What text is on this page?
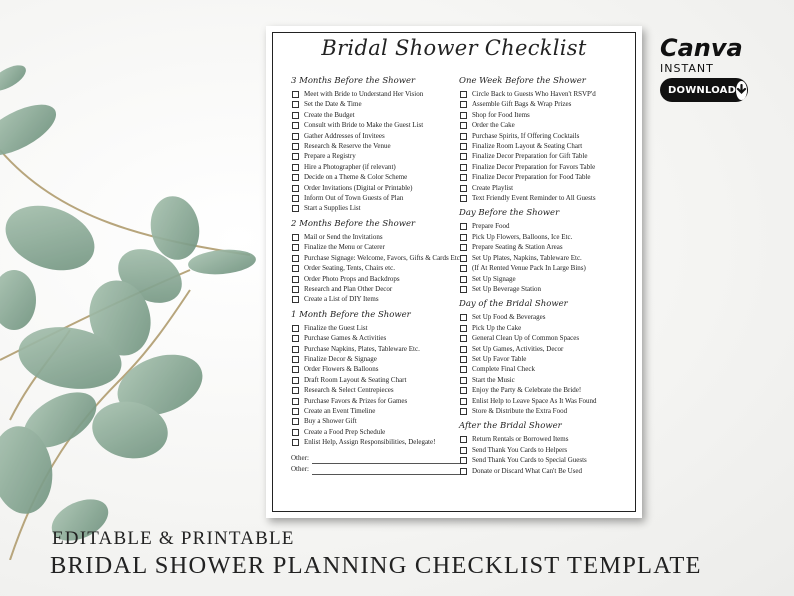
Bridal Shower Checklist
3 Months Before the Shower
Meet with Bride to Understand Her Vision
Set the Date & Time
Create the Budget
Consult with Bride to Make the Guest List
Gather Addresses of Invitees
Research & Reserve the Venue
Prepare a Registry
Hire a Photographer (if relevant)
Decide on a Theme & Color Scheme
Order Invitations (Digital or Printable)
Inform Out of Town Guests of Plan
Start a Supplies List
2 Months Before the Shower
Mail or Send the Invitations
Finalize the Menu or Caterer
Purchase Signage: Welcome, Favors, Gifts & Cards Etc.
Order Seating, Tents, Chairs etc.
Order Photo Props and Backdrops
Research and Plan Other Decor
Create a List of DIY Items
1 Month Before the Shower
Finalize the Guest List
Purchase Games & Activities
Purchase Napkins, Plates, Tableware Etc.
Finalize Decor & Signage
Order Flowers & Balloons
Draft Room Layout & Seating Chart
Research & Select Centrepieces
Purchase Favors & Prizes for Games
Create an Event Timeline
Buy a Shower Gift
Create a Food Prep Schedule
Enlist Help, Assign Responsibilities, Delegate!
Other:
Other:
One Week Before the Shower
Circle Back to Guests Who Haven't RSVP'd
Assemble Gift Bags & Wrap Prizes
Shop for Food Items
Order the Cake
Purchase Spirits, If Offering Cocktails
Finalize Room Layout & Seating Chart
Finalize Decor Preparation for Gift Table
Finalize Decor Preparation for Favors Table
Finalize Decor Preparation for Food Table
Create Playlist
Text Friendly Event Reminder to All Guests
Day Before the Shower
Prepare Food
Pick Up Flowers, Balloons, Ice Etc.
Prepare Seating & Station Areas
Set Up Plates, Napkins, Tableware Etc.
(If At Rented Venue Pack In Large Bins)
Set Up Signage
Set Up Beverage Station
Day of the Bridal Shower
Set Up Food & Beverages
Pick Up the Cake
General Clean Up of Common Spaces
Set Up Games, Activities, Decor
Set Up Favor Table
Complete Final Check
Start the Music
Enjoy the Party & Celebrate the Bride!
Enlist Help to Leave Space As It Was Found
Store & Distribute the Extra Food
After the Bridal Shower
Return Rentals or Borrowed Items
Send Thank You Cards to Helpers
Send Thank You Cards to Special Guests
Donate or Discard What Can't Be Used
Canva
INSTANT
DOWNLOAD
EDITABLE & PRINTABLE
BRIDAL SHOWER PLANNING CHECKLIST TEMPLATE
